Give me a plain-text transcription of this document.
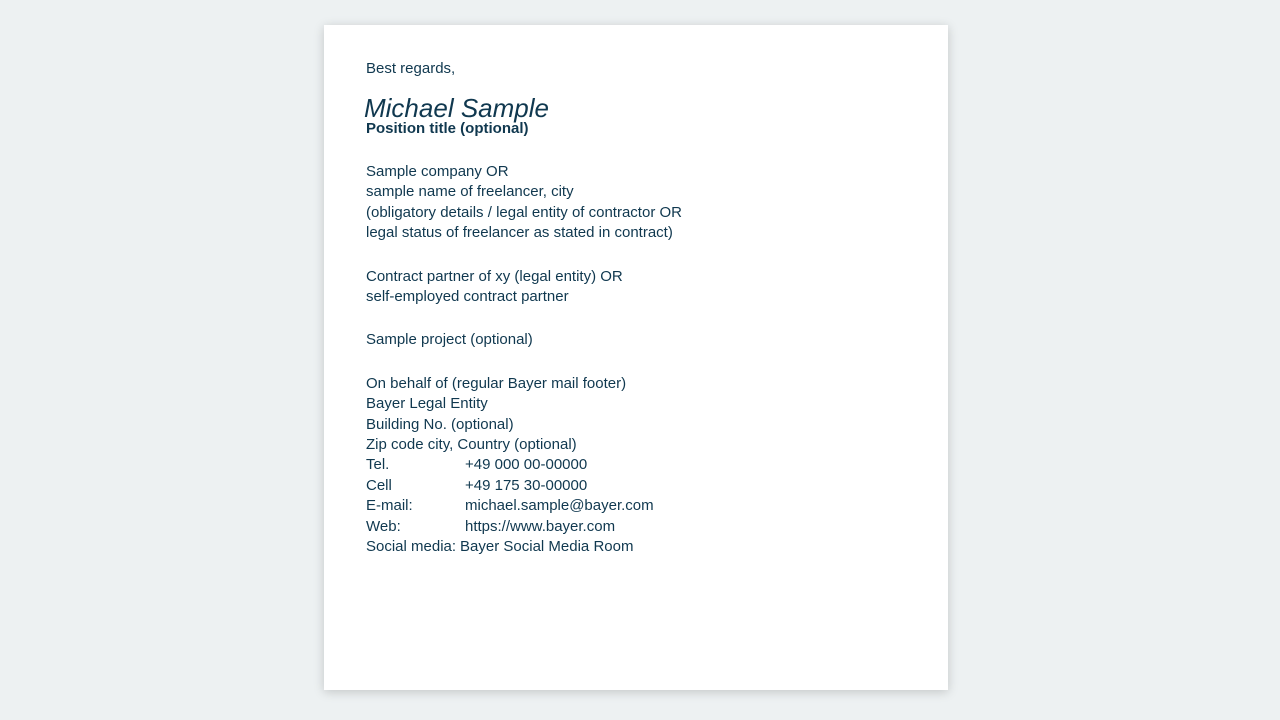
Best regards,
Michael Sample
Position title (optional)
Sample company OR
sample name of freelancer, city
(obligatory details / legal entity of contractor OR
legal status of freelancer as stated in contract)
Contract partner of xy (legal entity) OR
self-employed contract partner
Sample project (optional)
On behalf of (regular Bayer mail footer)
Bayer Legal Entity
Building No. (optional)
Zip code city, Country (optional)
Tel.	+49 000 00-00000
Cell	+49 175 30-00000
E-mail:	michael.sample@bayer.com
Web:	https://www.bayer.com
Social media: Bayer Social Media Room
